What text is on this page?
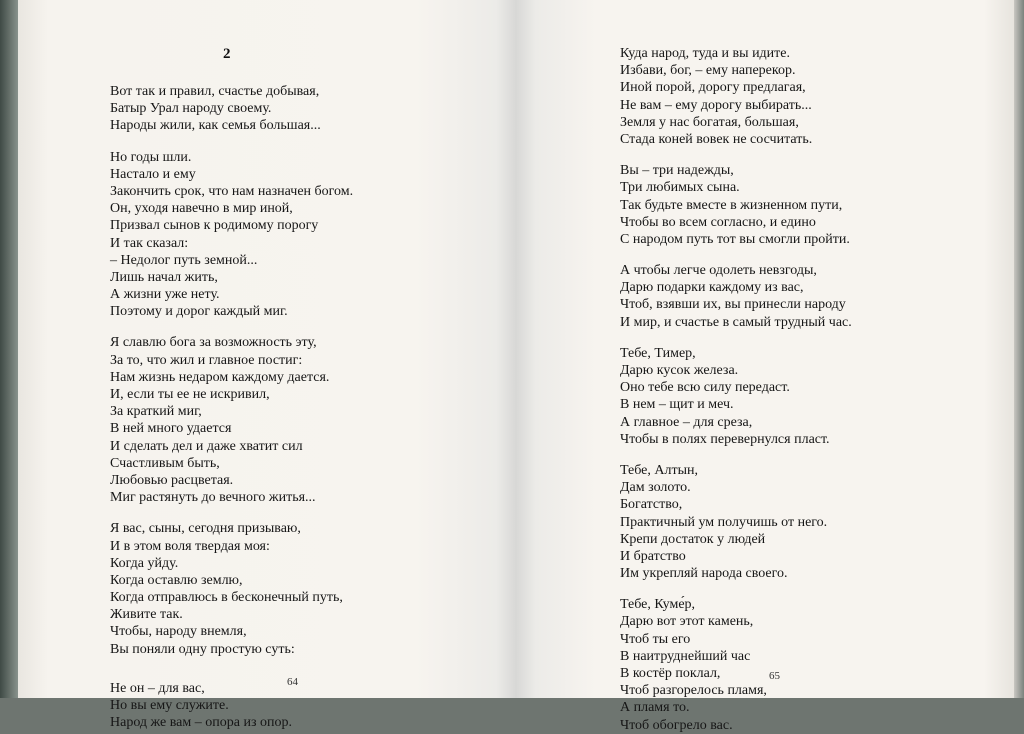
2
Вот так и правил, счастье добывая,
Батыр Урал народу своему.
Народы жили, как семья большая...
Но годы шли.
Настало и ему
Закончить срок, что нам назначен богом.
Он, уходя навечно в мир иной,
Призвал сынов к родимому порогу
И так сказал:
– Недолог путь земной...
Лишь начал жить,
А жизни уже нету.
Поэтому и дорог каждый миг.
Я славлю бога за возможность эту,
За то, что жил и главное постиг:
Нам жизнь недаром каждому дается.
И, если ты ее не искривил,
За краткий миг,
В ней много удается
И сделать дел и даже хватит сил
Счастливым быть,
Любовью расцветая.
Миг растянуть до вечного житья...
Я вас, сыны, сегодня призываю,
И в этом воля твердая моя:
Когда уйду.
Когда оставлю землю,
Когда отправлюсь в бесконечный путь,
Живите так.
Чтобы, народу внемля,
Вы поняли одну простую суть:
Не он – для вас,
Но вы ему служите.
Народ же вам – опора из опор.
64
Куда народ, туда и вы идите.
Избави, бог, – ему наперекор.
Иной порой, дорогу предлагая,
Не вам – ему дорогу выбирать...
Земля у нас богатая, большая,
Стада коней вовек не сосчитать.
Вы – три надежды,
Три любимых сына.
Так будьте вместе в жизненном пути,
Чтобы во всем согласно, и едино
С народом путь тот вы смогли пройти.
А чтобы легче одолеть невзгоды,
Дарю подарки каждому из вас,
Чтоб, взявши их, вы принесли народу
И мир, и счастье в самый трудный час.
Тебе, Тимер,
Дарю кусок железа.
Оно тебе всю силу передаст.
В нем – щит и меч.
А главное – для среза,
Чтобы в полях перевернулся пласт.
Тебе, Алтын,
Дам золото.
Богатство,
Практичный ум получишь от него.
Крепи достаток у людей
И братство
Им укрепляй народа своего.
Тебе, Куме́р,
Дарю вот этот камень,
Чтоб ты его
В наитруднейший час
В костёр поклал,
Чтоб разгорелось пламя,
А пламя то.
Чтоб обогрело вас.
65
